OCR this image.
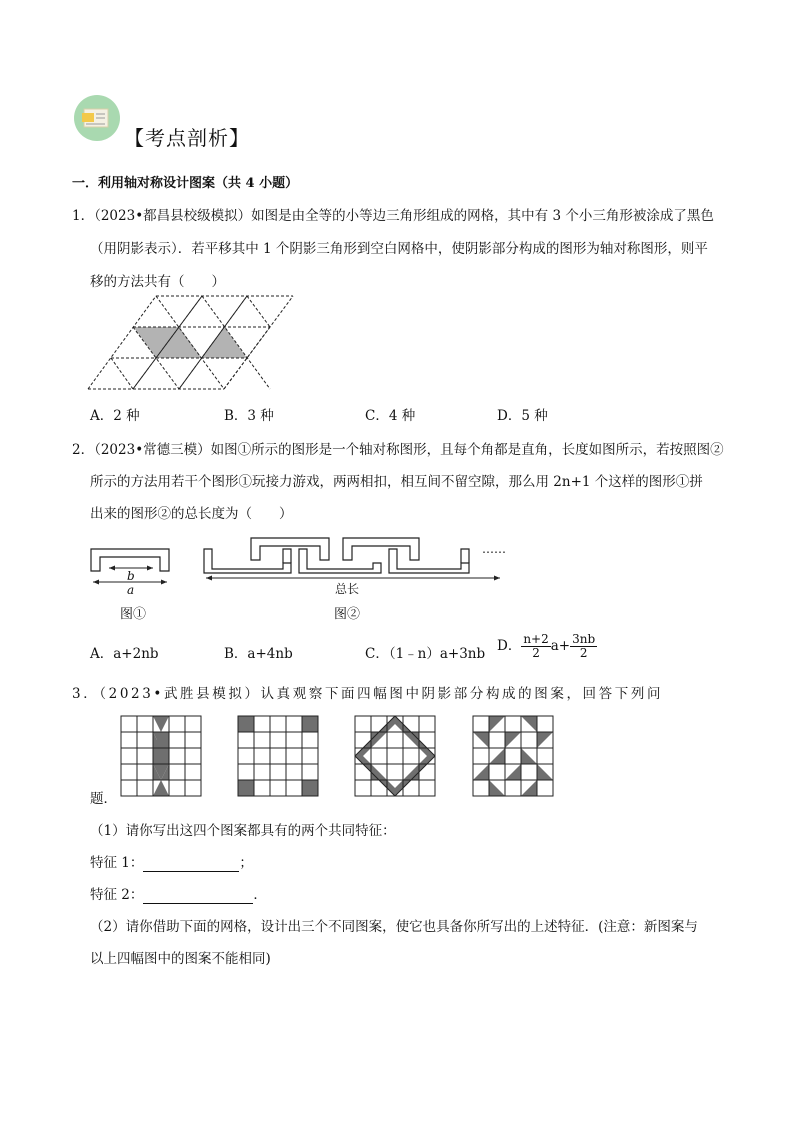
【考点剖析】
一．利用轴对称设计图案（共 4 小题）
1．（2023•都昌县校级模拟）如图是由全等的小等边三角形组成的网格，其中有 3 个小三角形被涂成了黑色
（用阴影表示）．若平移其中 1 个阴影三角形到空白网格中，使阴影部分构成的图形为轴对称图形，则平
移的方法共有（　　）
A．2 种	B．3 种	C．4 种	D．5 种
2．（2023•常德三模）如图①所示的图形是一个轴对称图形，且每个角都是直角，长度如图所示，若按照图②
所示的方法用若干个图形①玩接力游戏，两两相扣，相互间不留空隙，那么用 2n+1 个这样的图形①拼
出来的图形②的总长度为（　　）
b
a
图①
……
总长
图②
A．a+2nb	B．a+4nb	C．（1﹣n）a+3nb D． $\frac{n+2}{2} a+ \frac{3nb}{2}$
3．（2023•武胜县模拟）认真观察下面四幅图中阴影部分构成的图案，回答下列问
题．
（1）请你写出这四个图案都具有的两个共同特征：
特征 1：	；
特征 2：	．
（2）请你借助下面的网格，设计出三个不同图案，使它也具备你所写出的上述特征．(注意：新图案与
以上四幅图中的图案不能相同)
